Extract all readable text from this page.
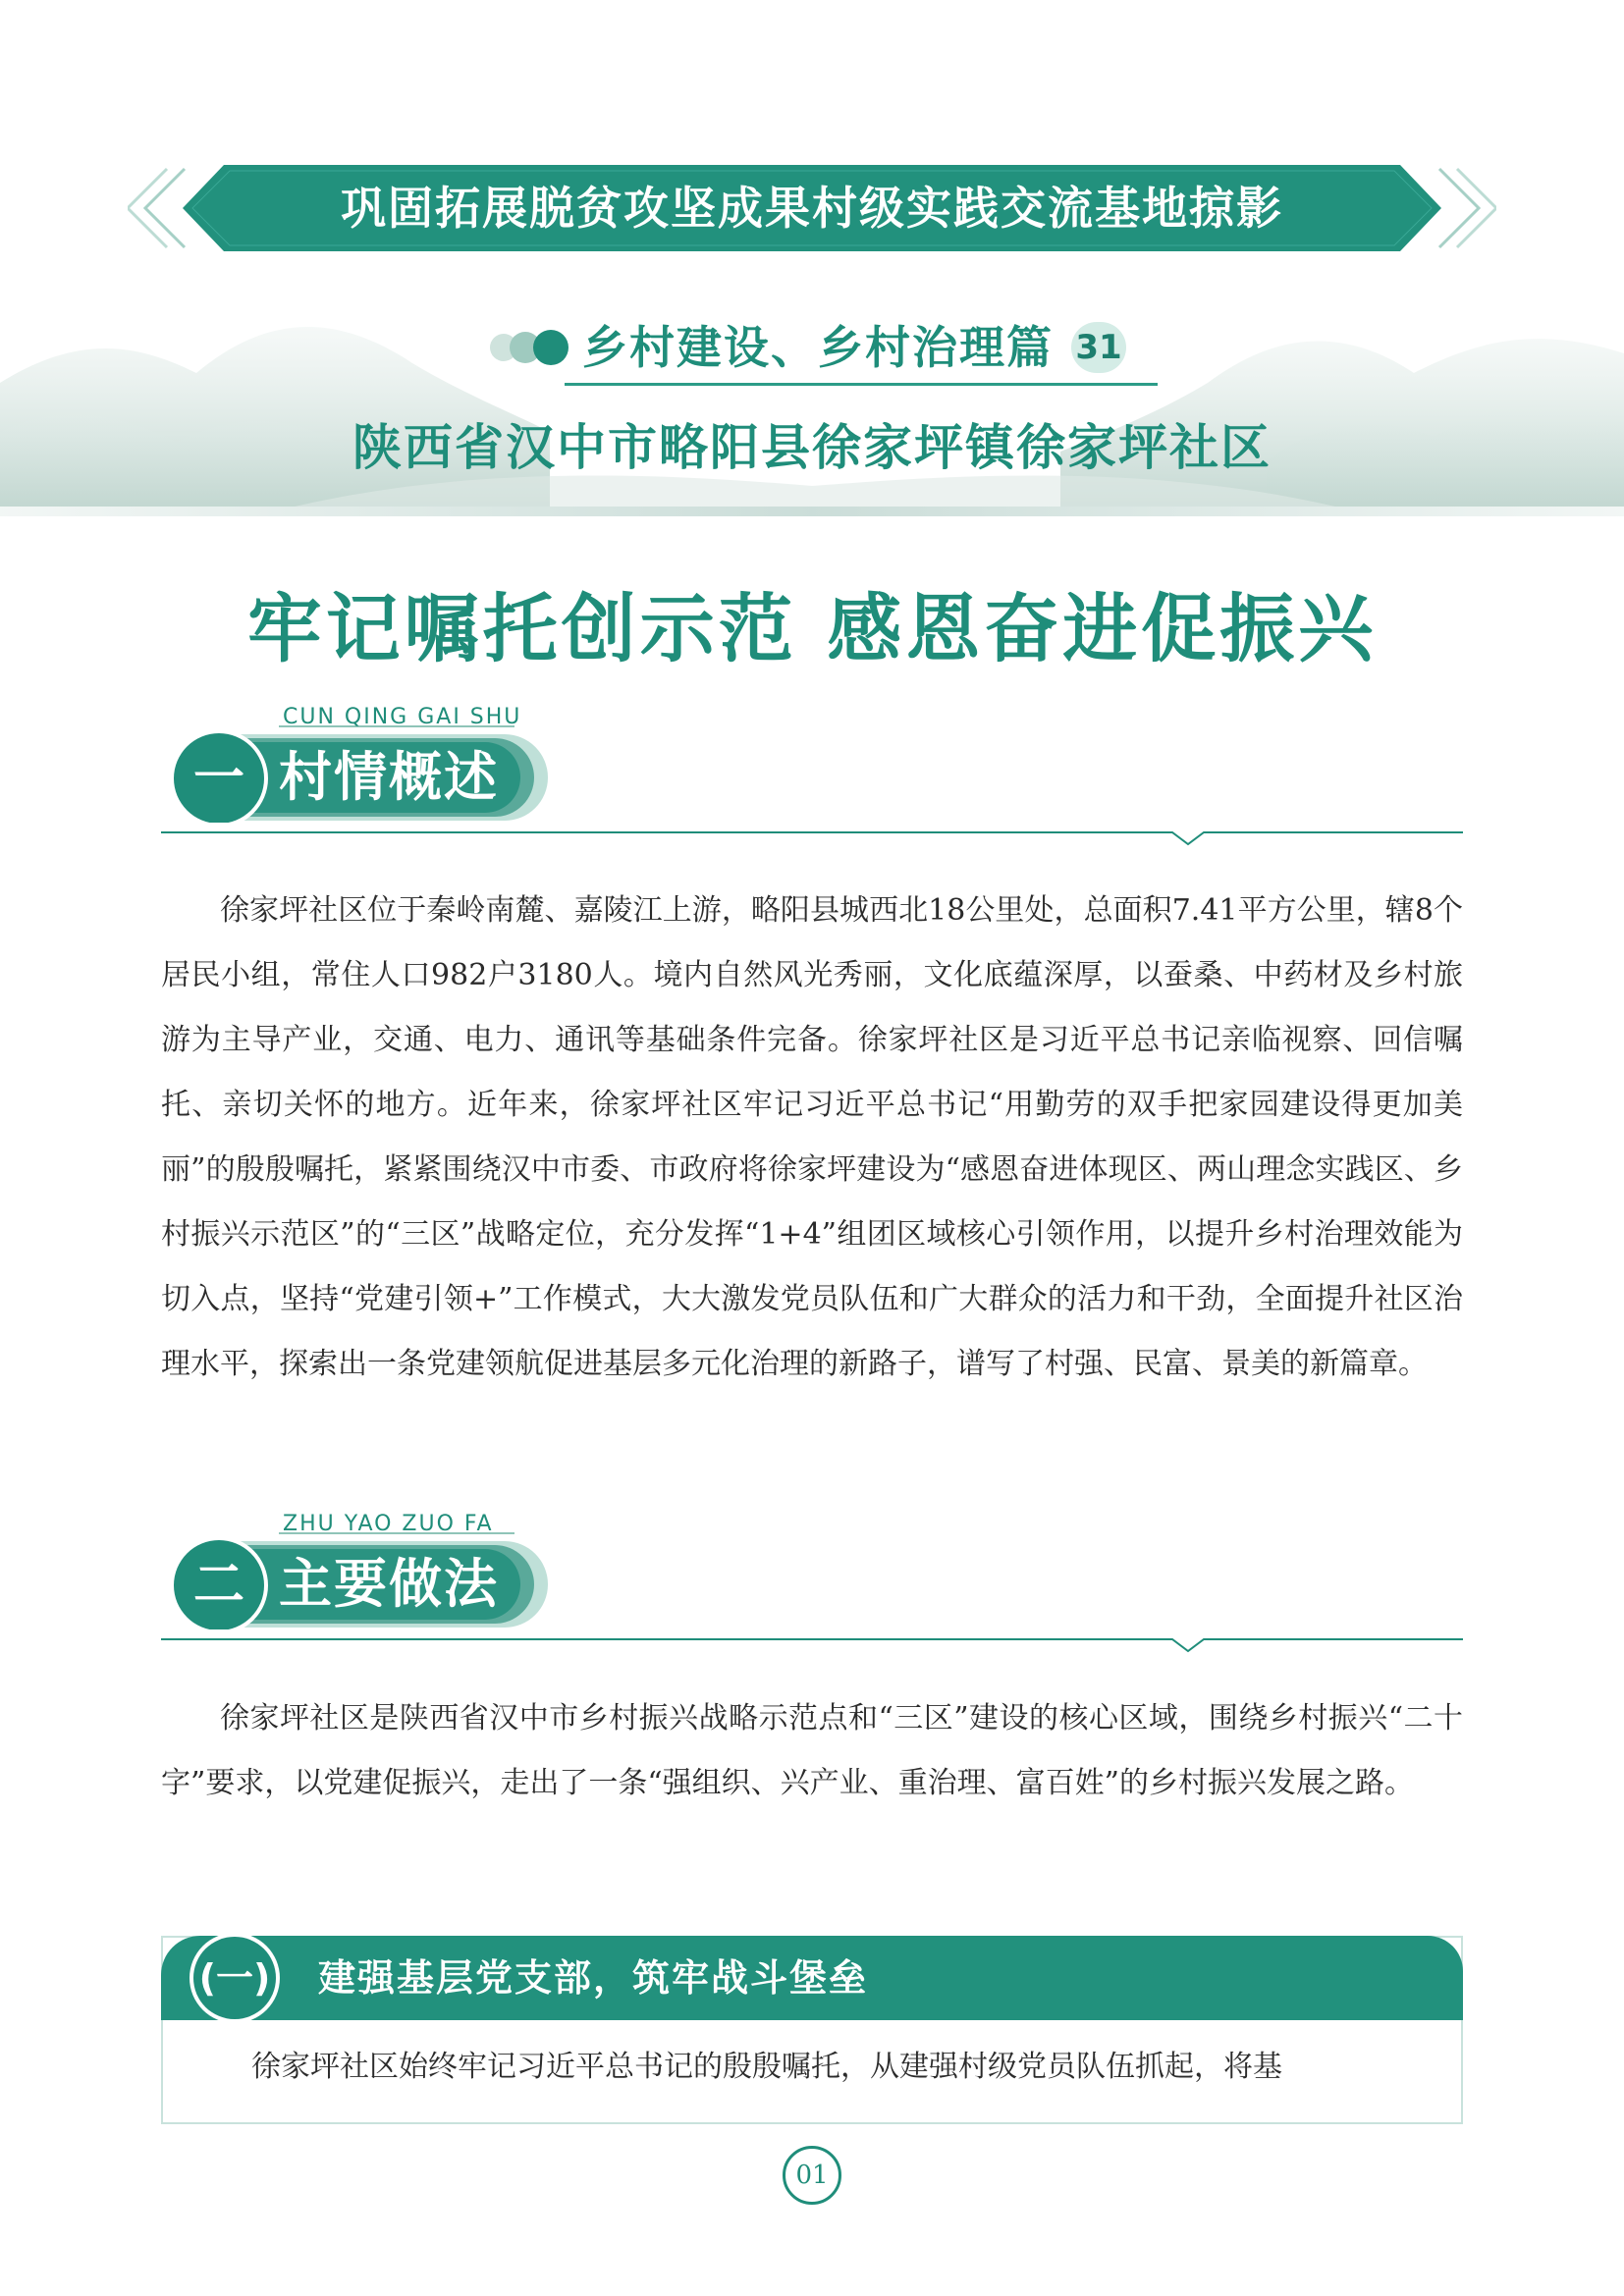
巩固拓展脱贫攻坚成果村级实践交流基地掠影
乡村建设、乡村治理篇 31
陕西省汉中市略阳县徐家坪镇徐家坪社区
牢记嘱托创示范 感恩奋进促振兴
CUN QING GAI SHU
一 村情概述
徐家坪社区位于秦岭南麓、嘉陵江上游，略阳县城西北18公里处，总面积7.41平方公里，辖8个居民小组，常住人口982户3180人。境内自然风光秀丽，文化底蕴深厚，以蚕桑、中药材及乡村旅游为主导产业，交通、电力、通讯等基础条件完备。徐家坪社区是习近平总书记亲临视察、回信嘱托、亲切关怀的地方。近年来，徐家坪社区牢记习近平总书记“用勤劳的双手把家园建设得更加美丽”的殷殷嘱托，紧紧围绕汉中市委、市政府将徐家坪建设为“感恩奋进体现区、两山理念实践区、乡村振兴示范区”的“三区”战略定位，充分发挥“1+4”组团区域核心引领作用，以提升乡村治理效能为切入点，坚持“党建引领+”工作模式，大大激发党员队伍和广大群众的活力和干劲，全面提升社区治理水平，探索出一条党建领航促进基层多元化治理的新路子，谱写了村强、民富、景美的新篇章。
ZHU YAO ZUO FA
二 主要做法
徐家坪社区是陕西省汉中市乡村振兴战略示范点和“三区”建设的核心区域，围绕乡村振兴“二十字”要求，以党建促振兴，走出了一条“强组织、兴产业、重治理、富百姓”的乡村振兴发展之路。
(一) 建强基层党支部，筑牢战斗堡垒
徐家坪社区始终牢记习近平总书记的殷殷嘱托，从建强村级党员队伍抓起，将基
01
